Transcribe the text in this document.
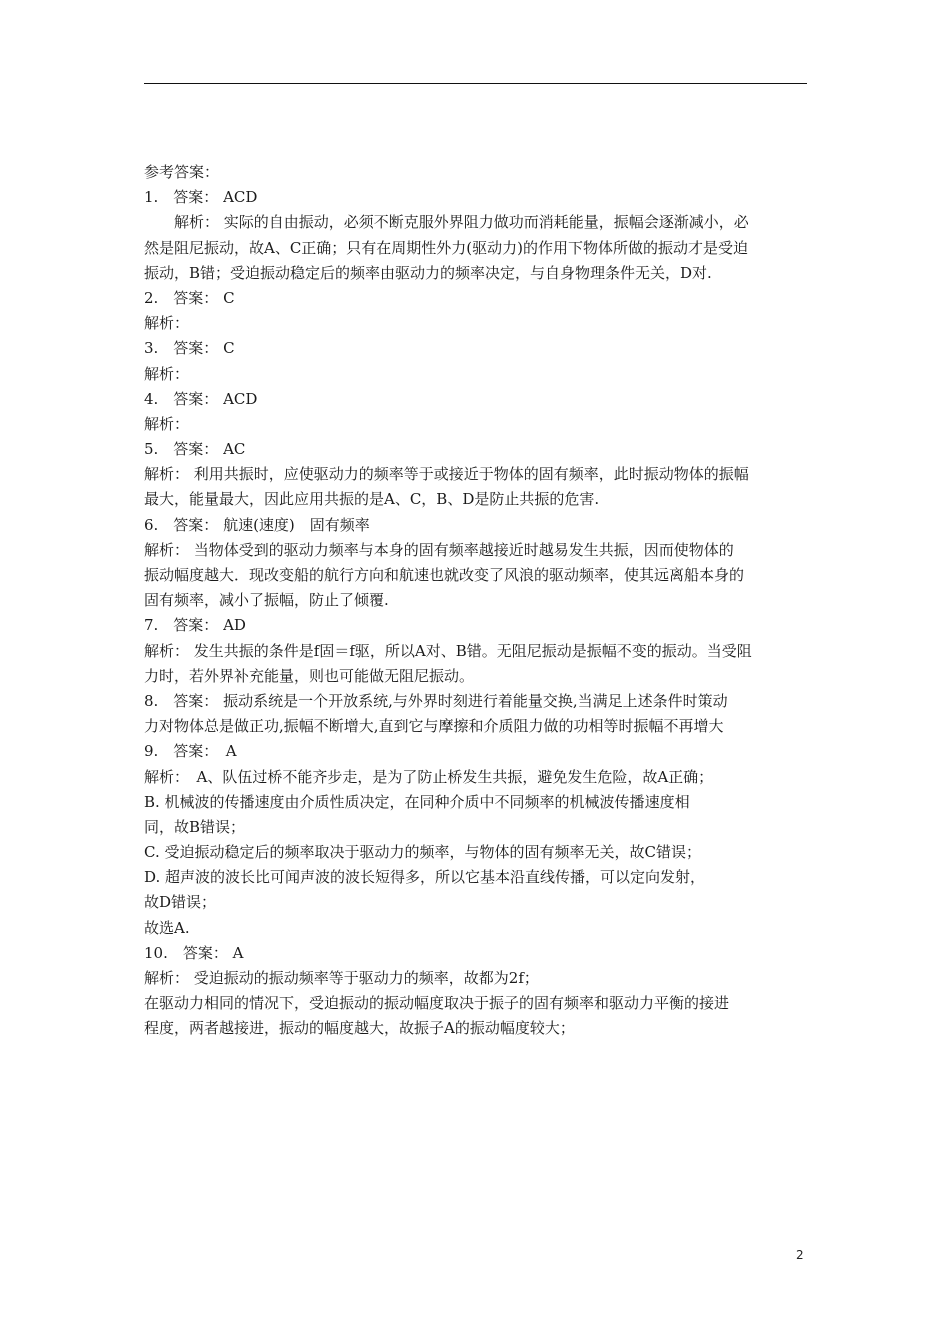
参考答案：
1.　答案： ACD
解析： 实际的自由振动，必须不断克服外界阻力做功而消耗能量，振幅会逐渐减小，必
然是阻尼振动，故A、C正确；只有在周期性外力(驱动力)的作用下物体所做的振动才是受迫
振动，B错；受迫振动稳定后的频率由驱动力的频率决定，与自身物理条件无关，D对.
2.　答案： C
解析：
3.　答案： C
解析：
4.　答案： ACD
解析：
5.　答案： AC
解析： 利用共振时，应使驱动力的频率等于或接近于物体的固有频率，此时振动物体的振幅
最大，能量最大，因此应用共振的是A、C，B、D是防止共振的危害.
6.　答案： 航速(速度)　固有频率
解析： 当物体受到的驱动力频率与本身的固有频率越接近时越易发生共振，因而使物体的
振动幅度越大．现改变船的航行方向和航速也就改变了风浪的驱动频率，使其远离船本身的
固有频率，减小了振幅，防止了倾覆.
7.　答案： AD
解析： 发生共振的条件是f固＝f驱，所以A对、B错。无阻尼振动是振幅不变的振动。当受阻
力时，若外界补充能量，则也可能做无阻尼振动。
8.　答案： 振动系统是一个开放系统,与外界时刻进行着能量交换,当满足上述条件时策动
力对物体总是做正功,振幅不断增大,直到它与摩擦和介质阻力做的功相等时振幅不再增大
9.　答案：　A
解析：　A、队伍过桥不能齐步走，是为了防止桥发生共振，避免发生危险，故A正确；
B. 机械波的传播速度由介质性质决定，在同种介质中不同频率的机械波传播速度相
同，故B错误；
C. 受迫振动稳定后的频率取决于驱动力的频率，与物体的固有频率无关，故C错误；
D. 超声波的波长比可闻声波的波长短得多，所以它基本沿直线传播，可以定向发射，
故D错误；
故选A.
10.　答案： A
解析： 受迫振动的振动频率等于驱动力的频率，故都为2f；
在驱动力相同的情况下，受迫振动的振动幅度取决于振子的固有频率和驱动力平衡的接进
程度，两者越接进，振动的幅度越大，故振子A的振动幅度较大；
2
